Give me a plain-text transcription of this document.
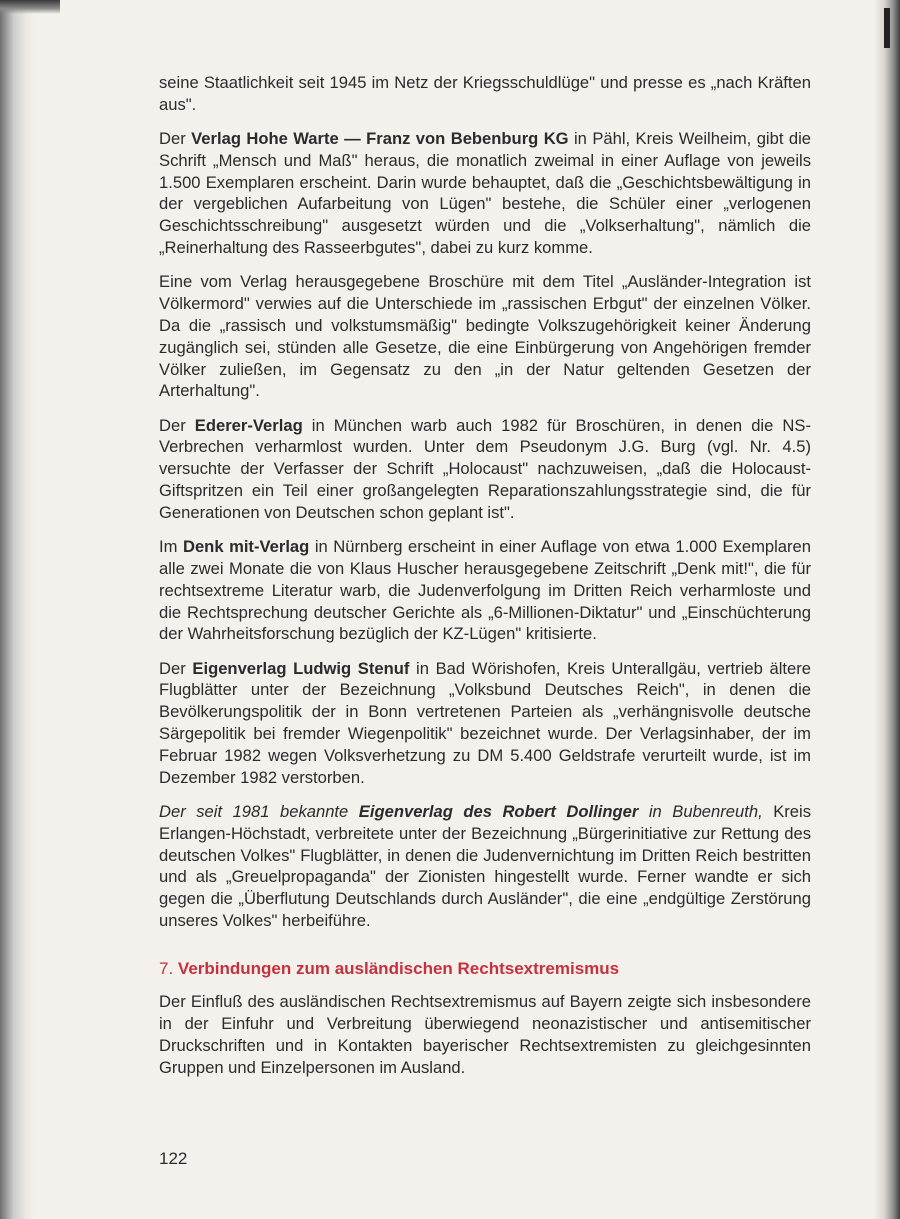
seine Staatlichkeit seit 1945 im Netz der Kriegsschuldlüge" und presse es „nach Kräften aus".

Der Verlag Hohe Warte — Franz von Bebenburg KG in Pähl, Kreis Weilheim, gibt die Schrift „Mensch und Maß" heraus, die monatlich zweimal in einer Auflage von jeweils 1.500 Exemplaren erscheint. Darin wurde behauptet, daß die „Geschichtsbewältigung in der vergeblichen Aufarbeitung von Lügen" bestehe, die Schüler einer „verlogenen Geschichtsschreibung" ausgesetzt würden und die „Volkserhaltung", nämlich die „Reinerhaltung des Rasseerbgutes", dabei zu kurz komme.

Eine vom Verlag herausgegebene Broschüre mit dem Titel „Ausländer-Integration ist Völkermord" verwies auf die Unterschiede im „rassischen Erbgut" der einzelnen Völker. Da die „rassisch und volkstumsmäßig" bedingte Volkszugehörigkeit keiner Änderung zugänglich sei, stünden alle Gesetze, die eine Einbürgerung von Angehörigen fremder Völker zuließen, im Gegensatz zu den „in der Natur geltenden Gesetzen der Arterhaltung".

Der Ederer-Verlag in München warb auch 1982 für Broschüren, in denen die NS-Verbrechen verharmlost wurden. Unter dem Pseudonym J.G. Burg (vgl. Nr. 4.5) versuchte der Verfasser der Schrift „Holocaust" nachzuweisen, „daß die Holocaust-Giftspritzen ein Teil einer großangelegten Reparationszahlungsstrategie sind, die für Generationen von Deutschen schon geplant ist".

Im Denk mit-Verlag in Nürnberg erscheint in einer Auflage von etwa 1.000 Exemplaren alle zwei Monate die von Klaus Huscher herausgegebene Zeitschrift „Denk mit!", die für rechtsextreme Literatur warb, die Judenverfolgung im Dritten Reich verharmloste und die Rechtsprechung deutscher Gerichte als „6-Millionen-Diktatur" und „Einschüchterung der Wahrheitsforschung bezüglich der KZ-Lügen" kritisierte.

Der Eigenverlag Ludwig Stenuf in Bad Wörishofen, Kreis Unterallgäu, vertrieb ältere Flugblätter unter der Bezeichnung „Volksbund Deutsches Reich", in denen die Bevölkerungspolitik der in Bonn vertretenen Parteien als „verhängnisvolle deutsche Särgepolitik bei fremder Wiegenpolitik" bezeichnet wurde. Der Verlagsinhaber, der im Februar 1982 wegen Volksverhetzung zu DM 5.400 Geldstrafe verurteilt wurde, ist im Dezember 1982 verstorben.

Der seit 1981 bekannte Eigenverlag des Robert Dollinger in Bubenreuth, Kreis Erlangen-Höchstadt, verbreitete unter der Bezeichnung „Bürgerinitiative zur Rettung des deutschen Volkes" Flugblätter, in denen die Judenvernichtung im Dritten Reich bestritten und als „Greuelpropaganda" der Zionisten hingestellt wurde. Ferner wandte er sich gegen die „Überflutung Deutschlands durch Ausländer", die eine „endgültige Zerstörung unseres Volkes" herbeiführe.

7. Verbindungen zum ausländischen Rechtsextremismus

Der Einfluß des ausländischen Rechtsextremismus auf Bayern zeigte sich insbesondere in der Einfuhr und Verbreitung überwiegend neonazistischer und antisemitischer Druckschriften und in Kontakten bayerischer Rechtsextremisten zu gleichgesinnten Gruppen und Einzelpersonen im Ausland.

122
